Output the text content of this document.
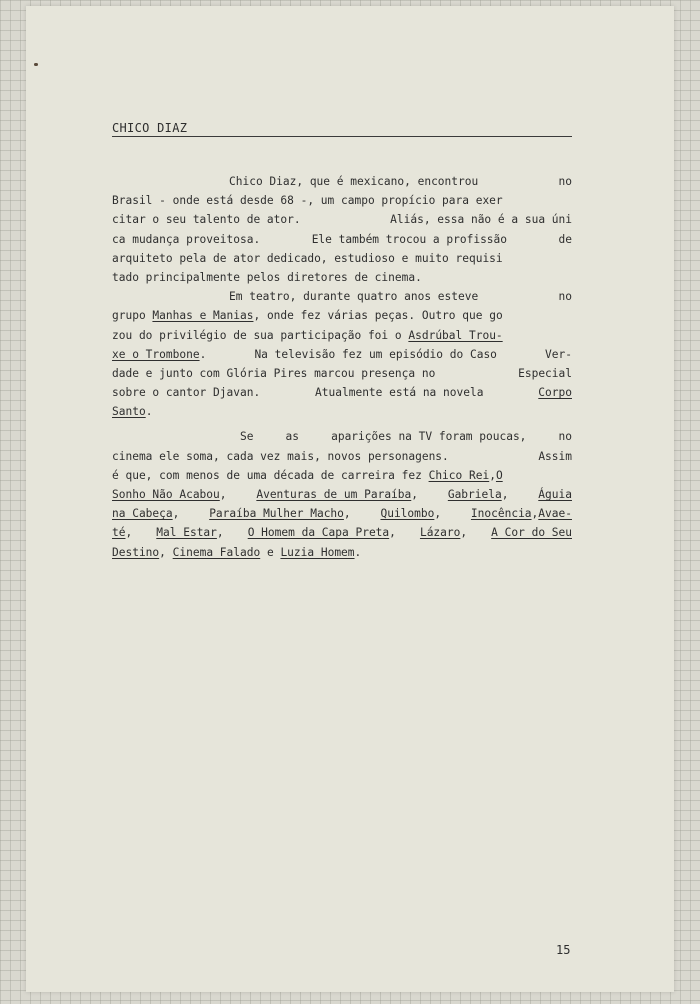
CHICO DIAZ

Chico Diaz, que é mexicano, encontrou	no
Brasil - onde está desde 68 -, um campo propício para exer
citar o seu talento de ator.	Aliás, essa não é a sua úni
ca mudança proveitosa.	Ele também trocou a profissão	de
arquiteto pela de ator dedicado, estudioso e muito requisi
tado principalmente pelos diretores de cinema.

Em teatro, durante quatro anos esteve	no
grupo Manhas e Manias, onde fez várias peças. Outro que go
zou do privilégio de sua participação foi o Asdrúbal Trou-
xe o Trombone.	Na televisão fez um episódio do Caso	Ver-
dade e junto com Glória Pires marcou presença no	Especial
sobre o cantor Djavan.	Atualmente está na novela	Corpo
Santo.

Se	as	aparições na TV foram poucas,	no
cinema ele soma, cada vez mais, novos personagens.	Assim
é que, com menos de uma década de carreira fez Chico Rei,O
Sonho Não Acabou,	Aventuras de um Paraíba,	Gabriela,	Águia
na Cabeça,	Paraíba Mulher Macho,	Quilombo,	Inocência,Avae-
té, Mal Estar, O Homem da Capa Preta, Lázaro, A Cor do Seu
Destino, Cinema Falado e Luzia Homem.

15
